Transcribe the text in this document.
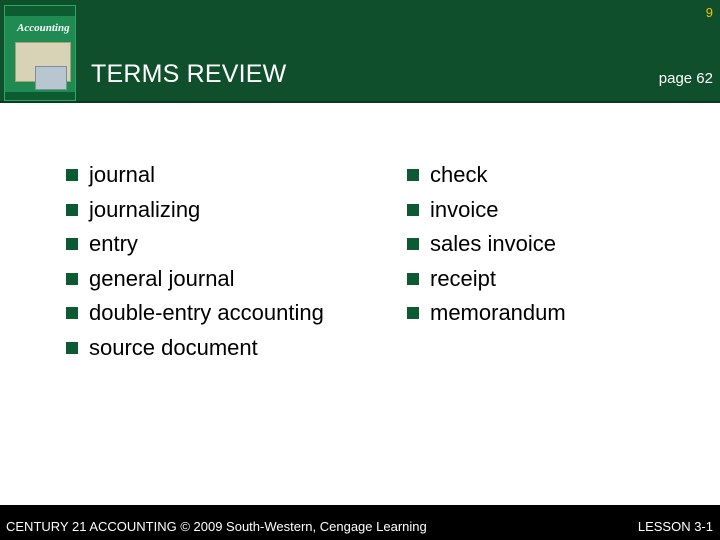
Accounting
9
TERMS REVIEW	page 62
journal
journalizing
entry
general journal
double-entry accounting
source document
check
invoice
sales invoice
receipt
memorandum
CENTURY 21 ACCOUNTING © 2009 South-Western, Cengage Learning	LESSON 3-1
